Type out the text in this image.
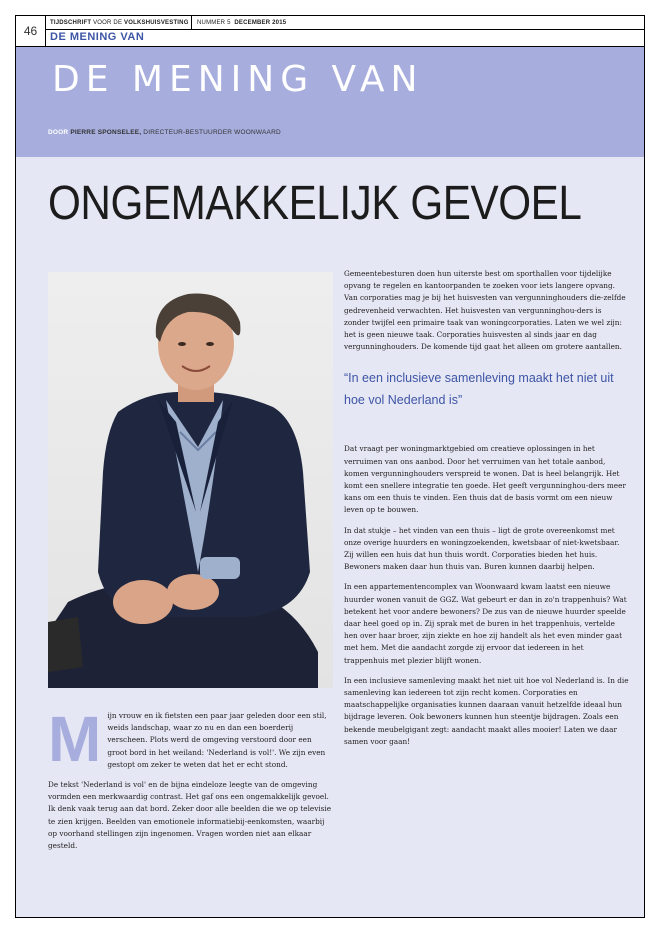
46
TIJDSCHRIFT
VOOR DE
VOLKSHUISVESTING	NUMMER 5 DECEMBER 2015
DE MENING VAN
DE MENING VAN
DOOR PIERRE SPONSELEE, DIRECTEUR-BESTUURDER WOONWAARD
ONGEMAKKELIJK GEVOEL

Mijn vrouw en ik fietsten een paar jaar geleden door een stil, weids landschap, waar zo nu en dan een boerderij verscheen. Plots werd de omgeving verstoord door een groot bord in het weiland: 'Nederland is vol!'. We zijn even gestopt om zeker te weten dat het er echt stond.

De tekst 'Nederland is vol' en de bijna eindeloze leegte van de omgeving vormden een merkwaardig contrast. Het gaf ons een ongemakkelijk gevoel. Ik denk vaak terug aan dat bord. Zeker door alle beelden die we op televisie te zien krijgen. Beelden van emotionele informatiebij-eenkomsten, waarbij op voorhand stellingen zijn ingenomen. Vragen worden niet aan elkaar gesteld.

Gemeentebesturen doen hun uiterste best om sporthallen voor tijdelijke opvang te regelen en kantoorpanden te zoeken voor iets langere opvang. Van corporaties mag je bij het huisvesten van vergunninghouders die-zelfde gedrevenheid verwachten. Het huisvesten van vergunninghou-ders is zonder twijfel een primaire taak van woningcorporaties. Laten we wel zijn: het is geen nieuwe taak. Corporaties huisvesten al sinds jaar en dag vergunninghouders. De komende tijd gaat het alleen om grotere aantallen.

“In een inclusieve samenleving maakt het niet uit hoe vol Nederland is”

Dat vraagt per woningmarktgebied om creatieve oplossingen in het verruimen van ons aanbod. Door het verruimen van het totale aanbod, komen vergunninghouders verspreid te wonen. Dat is heel belangrijk. Het komt een snellere integratie ten goede. Het geeft vergunninghou-ders meer kans om een thuis te vinden. Een thuis dat de basis vormt om een nieuw leven op te bouwen.

In dat stukje – het vinden van een thuis – ligt de grote overeenkomst met onze overige huurders en woningzoekenden, kwetsbaar of niet-kwetsbaar. Zij willen een huis dat hun thuis wordt. Corporaties bieden het huis. Bewoners maken daar hun thuis van. Buren kunnen daarbij helpen.

In een appartementencomplex van Woonwaard kwam laatst een nieuwe huurder wonen vanuit de GGZ. Wat gebeurt er dan in zo'n trappenhuis? Wat betekent het voor andere bewoners? De zus van de nieuwe huurder speelde daar heel goed op in. Zij sprak met de buren in het trappenhuis, vertelde hen over haar broer, zijn ziekte en hoe zij handelt als het even minder gaat met hem. Met die aandacht zorgde zij ervoor dat iedereen in het trappenhuis met plezier blijft wonen.

In een inclusieve samenleving maakt het niet uit hoe vol Nederland is. In die samenleving kan iedereen tot zijn recht komen. Corporaties en maatschappelijke organisaties kunnen daaraan vanuit hetzelfde ideaal hun bijdrage leveren. Ook bewoners kunnen hun steentje bijdragen. Zoals een bekende meubelgigant zegt: aandacht maakt alles mooier! Laten we daar samen voor gaan!
